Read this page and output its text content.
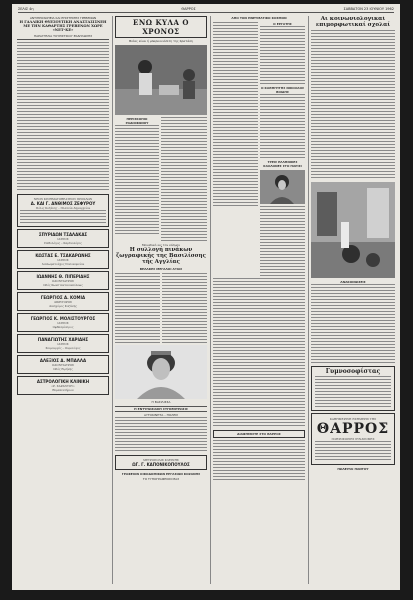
ΣΕΛΙΣ 4η	ΘΑΡΡΟΣ	ΣΑΒΒΑΤΟΝ 23 ΙΟΥΝΙΟΥ 1962
ΑΝΤΙΠΡΟΣΩΠΕΙΑ ΚΑΙ ΕΠΙΣΤΗΜΗΣ ΓΡΕΒΕΝΩΝ
Η ΓΑΛΛΙΚΗ ΘΥΕΣΟΥΤΙΚΗ ΑΝΑΣΤΑΣΙΣΝΕΗ ΜΕ ΤΗΝ ΚΑΘΑΡΤΗΣ ΓΡΕΒΕΝΩΝ ΧΩΡΕ «ΝΕΤ–ΚΕ»
ΠΑΡΑΓΓΕΛΙΑ ΤΟΥΡΙΣΤΙΚΟΥ ΕΚΔΗΛΩΣΗΣ
ΝΕΟΝ ΚΙΝΗΜΑΤΟΘΕΑΤΡΟΝ ΠΡΟΚΛΩΝ
Δ. ΚΑΙ Γ. ΑΝΘΙΜΟΣ ΖΕΦΥΡΟΥ
Πόλις Κοζάνης – Πλατεία Δημαρχείου
ΣΠΥΡΙΔΩΝ ΤΣΑΛΑΚΑΣ
ΙΑΤΡΟΣ
Παθολόγος – Καρδιολόγος
ΚΩΣΤΑΣ Ε. ΤΣΑΚΑΡΩΝΗΣ
ΙΑΤΡΟΣ
Διπλωματούχος Νοσοκομείου
ΙΩΑΝΝΗΣ Θ. ΠΙΠΕΡΙΔΗΣ
ΟΔΟΝΤΙΑΤΡΟΣ
Οδός Κωνσταντινουπόλεως
ΓΕΩΡΓΙΟΣ Α. ΚΟΜΙΑ
ΔΙΚΗΓΟΡΟΣ
Δικηγόρος Κοζάνης
ΓΕΩΡΓΙΟΣ Κ. ΜΟΛΙΣΤΟΥΡΓΟΣ
ΙΑΤΡΟΣ
Οφθαλμίατρος
ΠΑΝΑΓΙΩΤΗΣ ΧΑΡΙΔΗΣ
ΙΑΤΡΟΣ
Χειρουργός – Ουρολόγος
ΑΛΕΞΙΟΣ Δ. ΜΠΑΛΛΑ
ΟΔΟΝΤΙΑΤΡΟΣ
Οδός Ειρήνης
ΑΣΤΡΟΛΟΓΙΚΗ ΚΛΙΝΙΚΗ
«Ρ. ΣΑΡΑΝΤΟΥ»
Θεραπευτήριον
ΕΝΩ ΚΥΛΑ Ο ΧΡΟΝΟΣ
Βοΐας είναι ή μπαρκονιόσιτη της Κρατάλη
ΠΕΡΙΣΚΟΠΙΟ ΡΑΔΙΟΦΩΝΟΥ
Μοναδικό εις τον κόσμον
Η συλλογή πινάκων ζωγραφικής της Βασιλίσσης τής Αγγλίας
ΒΕΛΑΚΕΣ ΜΕΓΑΛΟΙ ΑΞΙΑΣ
Η ΒΑΣΙΛΙΣΣΑ
Η ΕΝΤΥΠΩΣΙΑΚΗ ΣΥΓΚΕΝΤΡΩΣΙΣ
ΑΥΤΟΚΙΝΗΤΑ – ΠΟΛΕΙΣ
ΜΕΤΡΟΠΟΛΙΣ ΚΛΕΙΝΗΣ
ΩΓ. Γ. ΚΑΠΟΝΙΚΟΠΟΥΛΟΣ
ΓΡΑΦΕΙΟΝ ΟΙΚΟΔΟΜΙΚΩΝ ΕΡΓΑΣΙΩΝ ΚΟΖΑΝΗΣ
ΤΟ ΤΥΠΟΓΡΑΦΕΙΟΝ ΜΑΣ
ΑΠΟ ΤΟΝ ΠΝΕΥΜΑΤΙΚΟ ΚΟΣΜΟΝ
Ο ΕΡΓΑΤΗΣ
Ο ΚΑΘΗΓΗΤΗΣ ΝΙΚΟΛΑΟΣ ΒΟΙΔΗΣ
ΤΡΕΙΣ ΕΛΛΗΝΙΚΕΣ ΚΑΛΛΟΝΕΣ ΣΤΟ ΠΑΡΙΣΙ
ΔΙΑΦΗΜΙΣΤΕ ΣΤΟ ΘΑΡΡΟΣ
Αι κοινωνιολογικαί επιμορφωτικαί σχολαί
ΑΝΑΚΟΙΝΩΣΕΙΣ
Γυμνοσοφίστας
ΚΑΘΗΜΕΡΙΝΗ ΕΦΗΜΕΡΙΣ ΤΗΣ
ΘΑΡΡΟΣ
ΠΛΗΡΟΦΟΡΙΕΣ ΣΥΝΔΡΟΜΕΣ
ΠΩΛΕΙΤΑΙ ΠΑΝΤΟΥ
